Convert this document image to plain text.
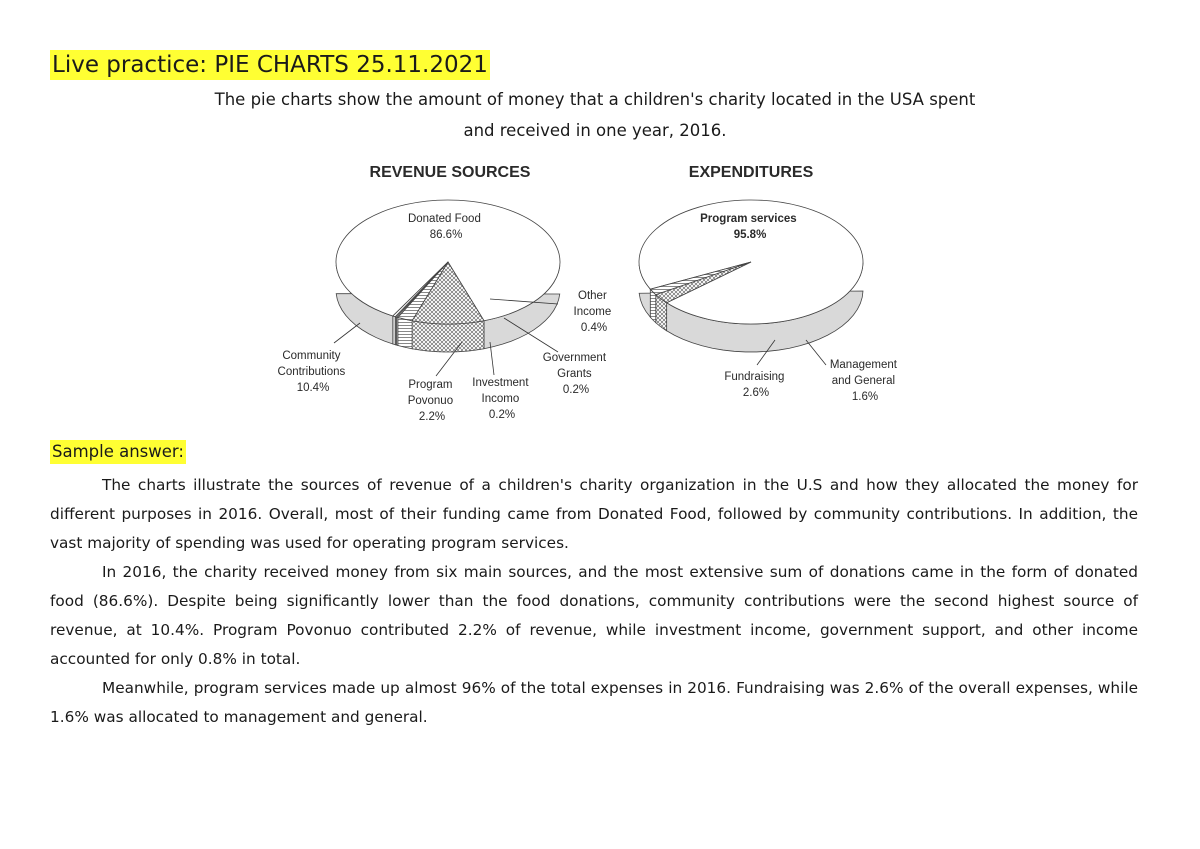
Live practice: PIE CHARTS 25.11.2021
The pie charts show the amount of money that a children's charity located in the USA spent
and received in one year, 2016.
REVENUE SOURCES	EXPENDITURES
Donated Food 86.6%
Community Contributions 10.4%	Program Povonuo 2.2%
Investment Incomo 0.2%
Government Grants 0.2%
Other Income 0.4%
Program services 95.8%
Fundraising 2.6%
Management and General 1.6%
Sample answer:

The charts illustrate the sources of revenue of a children's charity organization in the U.S and how they allocated the money for different purposes in 2016. Overall, most of their funding came from Donated Food, followed by community contributions. In addition, the vast majority of spending was used for operating program services.

In 2016, the charity received money from six main sources, and the most extensive sum of donations came in the form of donated food (86.6%). Despite being significantly lower than the food donations, community contributions were the second highest source of revenue, at 10.4%. Program Povonuo contributed 2.2% of revenue, while investment income, government support, and other income accounted for only 0.8% in total.

Meanwhile, program services made up almost 96% of the total expenses in 2016. Fundraising was 2.6% of the overall expenses, while 1.6% was allocated to management and general.
